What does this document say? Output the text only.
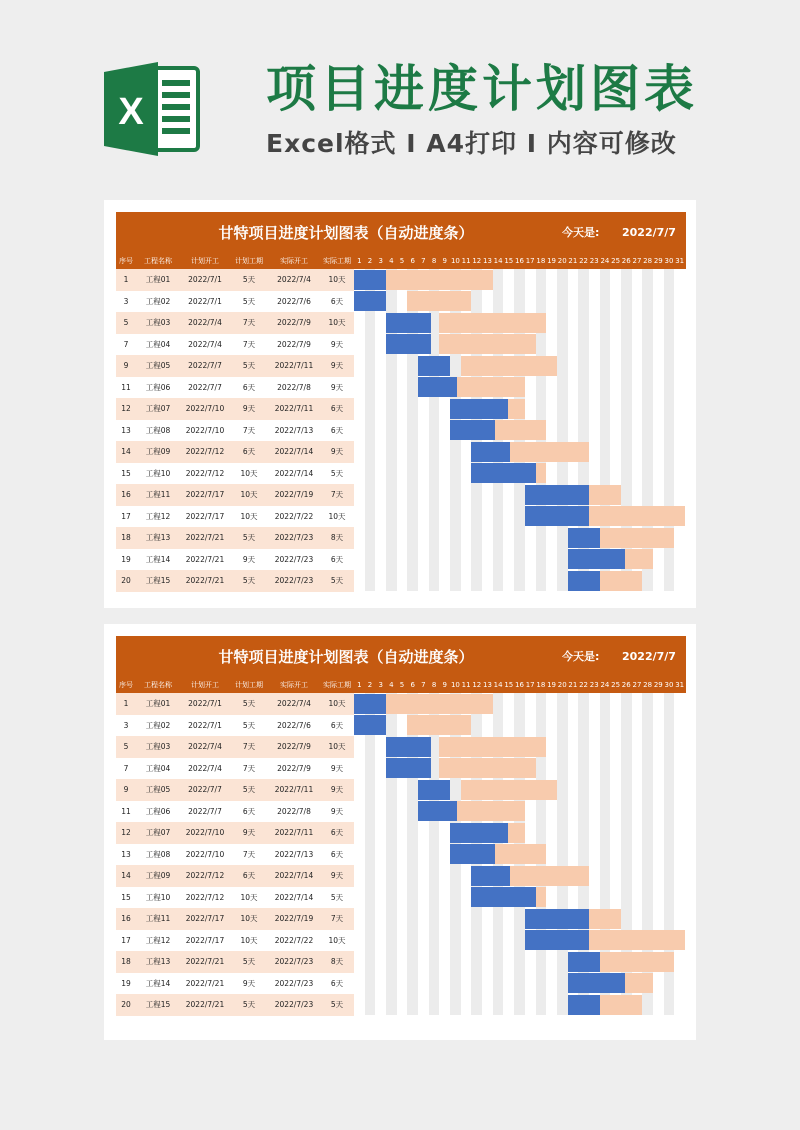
X 项目进度计划图表
Excel格式 I A4打印 I 内容可修改
甘特项目进度计划图表（自动进度条）	今天是: 2022/7/7
序号	工程名称	计划开工	计划工期	实际开工	实际工期 1 2 3 4 5 6 7 8 9 10 11 12 13 14 15 16 17 18 19 20 21 22 23 24 25 26 27 28 29 30 31
1	工程01	2022/7/1	5天	2022/7/4	10天
3	工程02	2022/7/1	5天	2022/7/6	6天
5	工程03	2022/7/4	7天	2022/7/9	10天
7	工程04	2022/7/4	7天	2022/7/9	9天
9	工程05	2022/7/7	5天	2022/7/11	9天
11	工程06	2022/7/7	6天	2022/7/8	9天
12	工程07	2022/7/10	9天	2022/7/11	6天
13	工程08	2022/7/10	7天	2022/7/13	6天
14	工程09	2022/7/12	6天	2022/7/14	9天
15	工程10	2022/7/12	10天	2022/7/14	5天
16	工程11	2022/7/17	10天	2022/7/19	7天
17	工程12	2022/7/17	10天	2022/7/22	10天
18	工程13	2022/7/21	5天	2022/7/23	8天
19	工程14	2022/7/21	9天	2022/7/23	6天
20	工程15	2022/7/21	5天	2022/7/23	5天
甘特项目进度计划图表（自动进度条）	今天是: 2022/7/7
序号	工程名称	计划开工	计划工期	实际开工	实际工期 1 2 3 4 5 6 7 8 9 10 11 12 13 14 15 16 17 18 19 20 21 22 23 24 25 26 27 28 29 30 31
1	工程01	2022/7/1	5天	2022/7/4	10天
3	工程02	2022/7/1	5天	2022/7/6	6天
5	工程03	2022/7/4	7天	2022/7/9	10天
7	工程04	2022/7/4	7天	2022/7/9	9天
9	工程05	2022/7/7	5天	2022/7/11	9天
11	工程06	2022/7/7	6天	2022/7/8	9天
12	工程07	2022/7/10	9天	2022/7/11	6天
13	工程08	2022/7/10	7天	2022/7/13	6天
14	工程09	2022/7/12	6天	2022/7/14	9天
15	工程10	2022/7/12	10天	2022/7/14	5天
16	工程11	2022/7/17	10天	2022/7/19	7天
17	工程12	2022/7/17	10天	2022/7/22	10天
18	工程13	2022/7/21	5天	2022/7/23	8天
19	工程14	2022/7/21	9天	2022/7/23	6天
20	工程15	2022/7/21	5天	2022/7/23	5天
